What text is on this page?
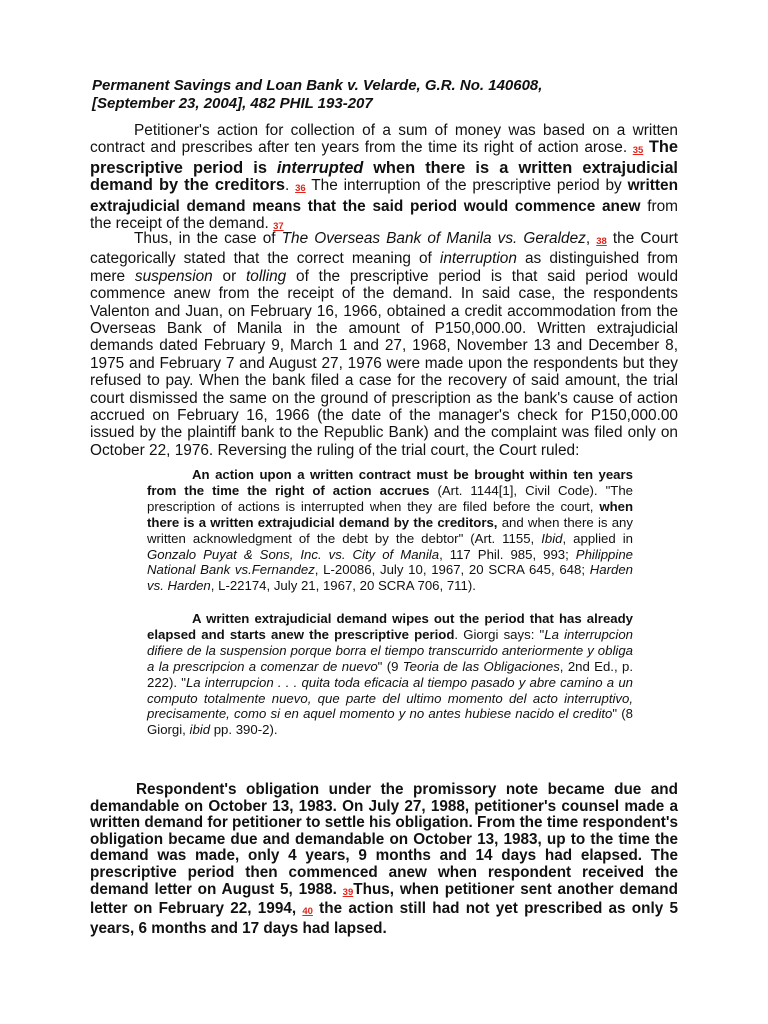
Permanent Savings and Loan Bank v. Velarde, G.R. No. 140608,
[September 23, 2004], 482 PHIL 193-207
Petitioner's action for collection of a sum of money was based on a written contract and prescribes after ten years from the time its right of action arose. 35 The prescriptive period is interrupted when there is a written extrajudicial demand by the creditors. 36 The interruption of the prescriptive period by written extrajudicial demand means that the said period would commence anew from the receipt of the demand. 37
Thus, in the case of The Overseas Bank of Manila vs. Geraldez, 38 the Court categorically stated that the correct meaning of interruption as distinguished from mere suspension or tolling of the prescriptive period is that said period would commence anew from the receipt of the demand. In said case, the respondents Valenton and Juan, on February 16, 1966, obtained a credit accommodation from the Overseas Bank of Manila in the amount of P150,000.00. Written extrajudicial demands dated February 9, March 1 and 27, 1968, November 13 and December 8, 1975 and February 7 and August 27, 1976 were made upon the respondents but they refused to pay. When the bank filed a case for the recovery of said amount, the trial court dismissed the same on the ground of prescription as the bank's cause of action accrued on February 16, 1966 (the date of the manager's check for P150,000.00 issued by the plaintiff bank to the Republic Bank) and the complaint was filed only on October 22, 1976. Reversing the ruling of the trial court, the Court ruled:
An action upon a written contract must be brought within ten years from the time the right of action accrues (Art. 1144[1], Civil Code). "The prescription of actions is interrupted when they are filed before the court, when there is a written extrajudicial demand by the creditors, and when there is any written acknowledgment of the debt by the debtor" (Art. 1155, Ibid, applied in Gonzalo Puyat & Sons, Inc. vs. City of Manila, 117 Phil. 985, 993; Philippine National Bank vs.Fernandez, L-20086, July 10, 1967, 20 SCRA 645, 648; Harden vs. Harden, L-22174, July 21, 1967, 20 SCRA 706, 711).
A written extrajudicial demand wipes out the period that has already elapsed and starts anew the prescriptive period. Giorgi says: "La interrupcion difiere de la suspension porque borra el tiempo transcurrido anteriormente y obliga a la prescripcion a comenzar de nuevo" (9 Teoria de las Obligaciones, 2nd Ed., p. 222). "La interrupcion . . . quita toda eficacia al tiempo pasado y abre camino a un computo totalmente nuevo, que parte del ultimo momento del acto interruptivo, precisamente, como si en aquel momento y no antes hubiese nacido el credito" (8 Giorgi, ibid pp. 390-2).
Respondent's obligation under the promissory note became due and demandable on October 13, 1983. On July 27, 1988, petitioner's counsel made a written demand for petitioner to settle his obligation. From the time respondent's obligation became due and demandable on October 13, 1983, up to the time the demand was made, only 4 years, 9 months and 14 days had elapsed. The prescriptive period then commenced anew when respondent received the demand letter on August 5, 1988. 39Thus, when petitioner sent another demand letter on February 22, 1994, 40 the action still had not yet prescribed as only 5 years, 6 months and 17 days had lapsed.
